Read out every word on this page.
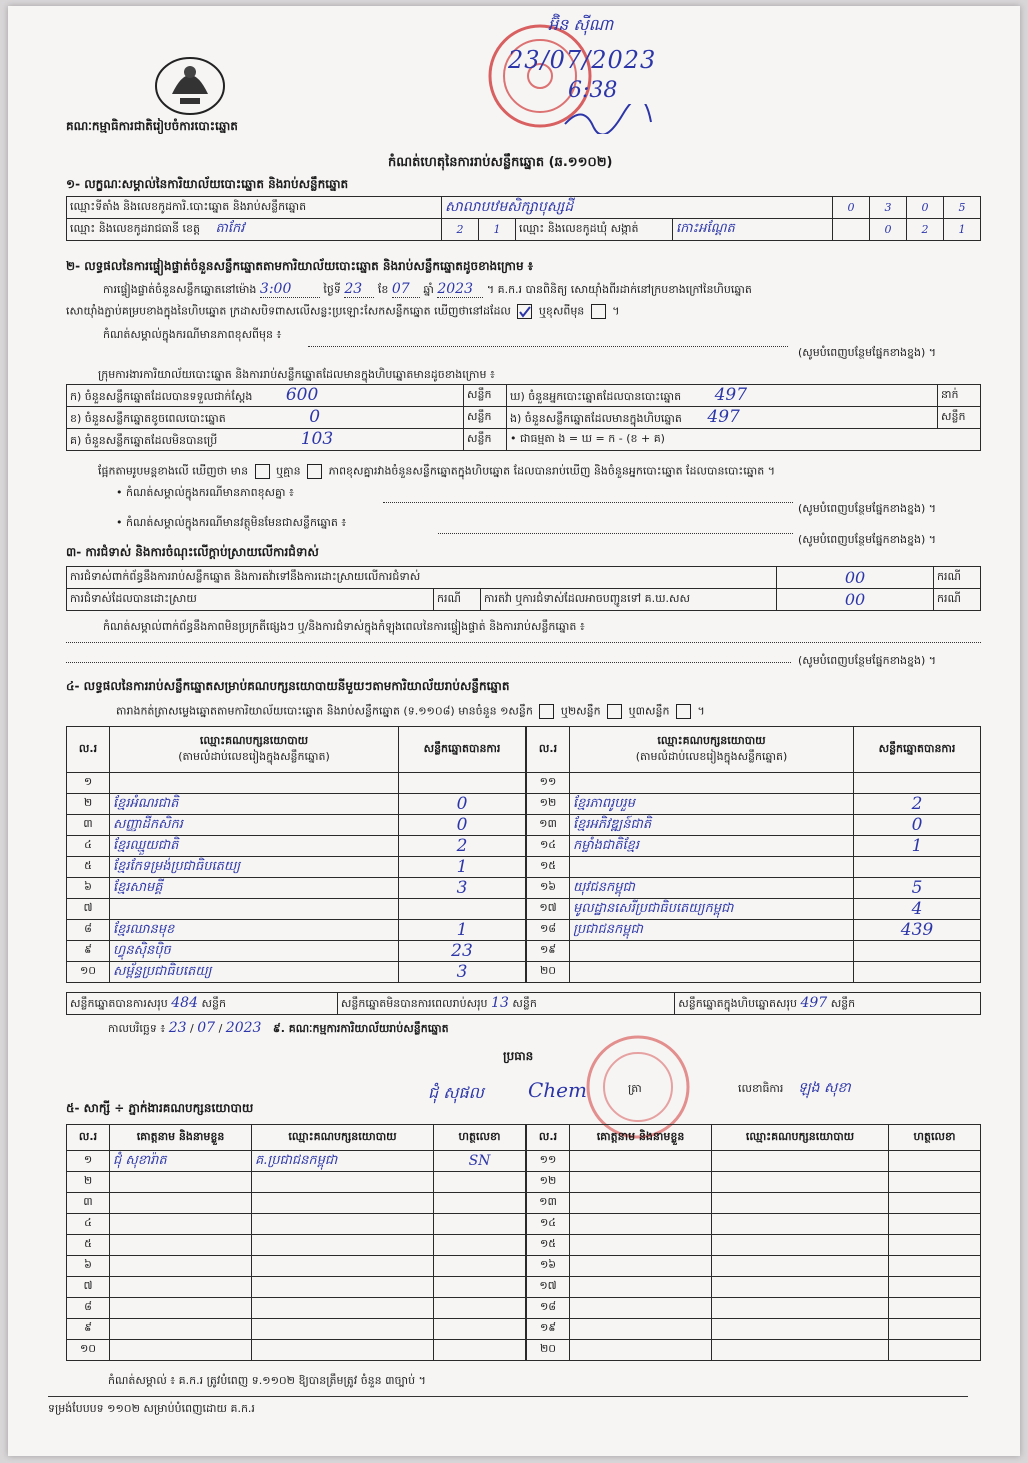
គណៈកម្មាធិការជាតិរៀបចំការបោះឆ្នោត
អ៊ិន ស៊ីណា
23/07/2023
6:38
កំណត់ហេតុនៃការរាប់សន្លឹកឆ្នោត (ឆ.១១០២)
១- លក្ខណៈសម្គាល់នៃការិយាល័យបោះឆ្នោត និងរាប់សន្លឹកឆ្នោត
ឈ្មោះទីតាំង និងលេខកូដការិ.បោះឆ្នោត និងរាប់សន្លឹកឆ្នោត	សាលាបឋមសិក្សាបុស្សដី				0	3	0	5
ឈ្មោះ និងលេខកូដរាជធានី ខេត្ត តាកែវ	2	1	ឈ្មោះ និងលេខកូដឃុំ សង្កាត់	កោះអណ្ដែត		0	2	1
២- លទ្ធផលនៃការផ្ទៀងផ្ទាត់ចំនួនសន្លឹកឆ្នោតតាមការិយាល័យបោះឆ្នោត និងរាប់សន្លឹកឆ្នោតដូចខាងក្រោម ៖
ការផ្ទៀងផ្ទាត់ចំនួនសន្លឹកឆ្នោតនៅម៉ោង 3:00	ថ្ងៃទី 23 ខែ 07 ឆ្នាំ 2023 ។ គ.ក.រ បានពិនិត្យ សោយ៉ាំងពីរដាក់នៅក្របខាងក្រៅនៃហិបឆ្នោត
សោយ៉ាំងភ្ជាប់គម្របខាងក្នុងនៃហិបឆ្នោត ក្រដាសបិទពាសលើសន្លះប្រឡោះសែកសន្លឹកឆ្នោត ឃើញថានៅដដែល	ឬខុសពីមុន  ។
កំណត់សម្គាល់ក្នុងករណីមានភាពខុសពីមុន ៖
(សូមបំពេញបន្ថែមផ្នែកខាងខ្នង) ។
ក្រុមការងារការិយាល័យបោះឆ្នោត និងការរាប់សន្លឹកឆ្នោតដែលមានក្នុងហិបឆ្នោតមានដូចខាងក្រោម ៖
ក) ចំនួនសន្លឹកឆ្នោតដែលបានទទួលជាក់ស្តែង 600	សន្លឹក	ឃ) ចំនួនអ្នកបោះឆ្នោតដែលបានបោះឆ្នោត 497	នាក់
ខ) ចំនួនសន្លឹកឆ្នោតខូចពេលបោះឆ្នោត 0	សន្លឹក	ង) ចំនួនសន្លឹកឆ្នោតដែលមានក្នុងហិបឆ្នោត 497	សន្លឹក
គ) ចំនួនសន្លឹកឆ្នោតដែលមិនបានប្រើ 103	សន្លឹក	• ជាធម្មតា ង = ឃ = ក - (ខ + គ)	
ផ្អែកតាមរូបមន្តខាងលើ ឃើញថា មាន	ឬគ្មាន	ភាពខុសគ្នារវាងចំនួនសន្លឹកឆ្នោតក្នុងហិបឆ្នោត ដែលបានរាប់ឃើញ និងចំនួនអ្នកបោះឆ្នោត ដែលបានបោះឆ្នោត ។
• កំណត់សម្គាល់ក្នុងករណីមានភាពខុសគ្នា ៖
(សូមបំពេញបន្ថែមផ្នែកខាងខ្នង) ។
• កំណត់សម្គាល់ក្នុងករណីមានវត្ថុមិនមែនជាសន្លឹកឆ្នោត ៖
(សូមបំពេញបន្ថែមផ្នែកខាងខ្នង) ។
៣- ការជំទាស់ និងការចំណុះលើក្តាប់ស្រាយលើការជំទាស់
ការជំទាស់ពាក់ព័ន្ធនឹងការរាប់សន្លឹកឆ្នោត និងការតវ៉ាទៅនឹងការដោះស្រាយលើការជំទាស់			00	ករណី
ការជំទាស់ដែលបានដោះស្រាយ	ករណី	ការតវ៉ា ឬការជំទាស់ដែលអាចបញ្ជូនទៅ គ.ឃ.សស	00	ករណី
កំណត់សម្គាល់ពាក់ព័ន្ធនឹងភាពមិនប្រក្រតីផ្សេងៗ ឬ/និងការជំទាស់ក្នុងកំឡុងពេលនៃការផ្ទៀងផ្ទាត់ និងការរាប់សន្លឹកឆ្នោត ៖
(សូមបំពេញបន្ថែមផ្នែកខាងខ្នង) ។
៤- លទ្ធផលនៃការរាប់សន្លឹកឆ្នោតសម្រាប់គណបក្សនយោបាយនីមួយៗតាមការិយាល័យរាប់សន្លឹកឆ្នោត
តារាងកត់ត្រាសម្លេងឆ្នោតតាមការិយាល័យបោះឆ្នោត និងរាប់សន្លឹកឆ្នោត (ទ.១១០៨) មានចំនួន ១សន្លឹក	ឬ២សន្លឹក	ឬ៣សន្លឹក  ។
ល.រ	ឈ្មោះគណបក្សនយោបាយ
(តាមលំដាប់លេខរៀងក្នុងសន្លឹកឆ្នោត)	សន្លឹកឆ្នោតបានការ
១		
២	ខ្មែរអំណរជាតិ	0
៣	សញ្ញាដីកសិករ	0
៤	ខ្មែរឈ្មួយជាតិ	2
៥	ខ្មែរកែទម្រង់ប្រជាធិបតេយ្យ	1
៦	ខ្មែរសាមគ្គី	3
៧		
៨	ខ្មែរឈានមុខ	1
៩	ហ្វុនស៊ិនប៉ិច	23
១០	សម្ព័ន្ធប្រជាធិបតេយ្យ	3
ល.រ	ឈ្មោះគណបក្សនយោបាយ
(តាមលំដាប់លេខរៀងក្នុងសន្លឹកឆ្នោត)	សន្លឹកឆ្នោតបានការ
១១		
១២	ខ្មែរភាពរូបរួម	2
១៣	ខ្មែរអភិវឌ្ឍន៍ជាតិ	0
១៤	កម្លាំងជាតិខ្មែរ	1
១៥		
១៦	យុវជនកម្ពុជា	5
១៧	មូលដ្ឋានសេរីប្រជាធិបតេយ្យកម្ពុជា	4
១៨	ប្រជាជនកម្ពុជា	439
១៩		
២០		
សន្លឹកឆ្នោតបានការសរុប 484 សន្លឹក	សន្លឹកឆ្នោតមិនបានការពេលរាប់សរុប 13 សន្លឹក	សន្លឹកឆ្នោតក្នុងហិបឆ្នោតសរុប 497 សន្លឹក
កាលបរិច្ឆេទ ៖ 23 / 07 / 2023 ៩. គណៈកម្មការការិយាល័យរាប់សន្លឹកឆ្នោត
ប្រធាន
ជុំ សុផល Chem	ត្រា	លេខាធិការ ឡុង សុខា
៥- សាក្សី ÷ ភ្នាក់ងារគណបក្សនយោបាយ
ល.រ	គោត្តនាម និងនាមខ្លួន	ឈ្មោះគណបក្សនយោបាយ	ហត្ថលេខា
១	ជុំ សុខារ៉ាត	គ.ប្រជាជនកម្ពុជា	SN
២			
៣			
៤			
៥			
៦			
៧			
៨			
៩			
១០			
ល.រ	គោត្តនាម និងនាមខ្លួន	ឈ្មោះគណបក្សនយោបាយ	ហត្ថលេខា
១១			
១២			
១៣			
១៤			
១៥			
១៦			
១៧			
១៨			
១៩			
២០			
កំណត់សម្គាល់ ៖ គ.ក.រ ត្រូវបំពេញ ទ.១១០២ ឱ្យបានត្រឹមត្រូវ ចំនួន ៣ច្បាប់ ។
ទម្រង់បែបបទ ១១០២ សម្រាប់បំពេញដោយ គ.ក.រ
